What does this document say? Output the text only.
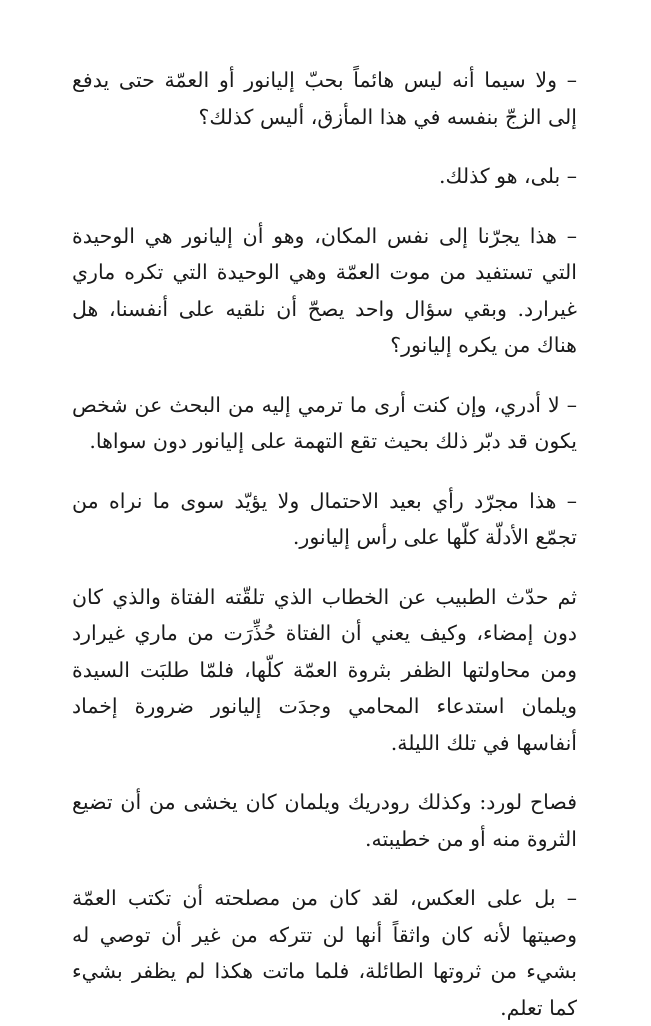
– ولا سيما أنه ليس هائماً بحبّ إليانور أو العمّة حتى يدفع إلى الزجّ بنفسه في هذا المأزق، أليس كذلك؟

– بلى، هو كذلك.

– هذا يجرّنا إلى نفس المكان، وهو أن إليانور هي الوحيدة التي تستفيد من موت العمّة وهي الوحيدة التي تكره ماري غيرارد. وبقي سؤال واحد يصحّ أن نلقيه على أنفسنا، هل هناك من يكره إليانور؟

– لا أدري، وإن كنت أرى ما ترمي إليه من البحث عن شخص يكون قد دبّر ذلك بحيث تقع التهمة على إليانور دون سواها.

– هذا مجرّد رأي بعيد الاحتمال ولا يؤيّد سوى ما نراه من تجمّع الأدلّة كلّها على رأس إليانور.

ثم حدّث الطبيب عن الخطاب الذي تلقّته الفتاة والذي كان دون إمضاء، وكيف يعني أن الفتاة حُذِّرَت من ماري غيرارد ومن محاولتها الظفر بثروة العمّة كلّها، فلمّا طلبَت السيدة ويلمان استدعاء المحامي وجدَت إليانور ضرورة إخماد أنفاسها في تلك الليلة.

فصاح لورد: وكذلك رودريك ويلمان كان يخشى من أن تضيع الثروة منه أو من خطيبته.

– بل على العكس، لقد كان من مصلحته أن تكتب العمّة وصيتها لأنه كان واثقاً أنها لن تتركه من غير أن توصي له بشيء من ثروتها الطائلة، فلما ماتت هكذا لم يظفر بشيء كما تعلم.
